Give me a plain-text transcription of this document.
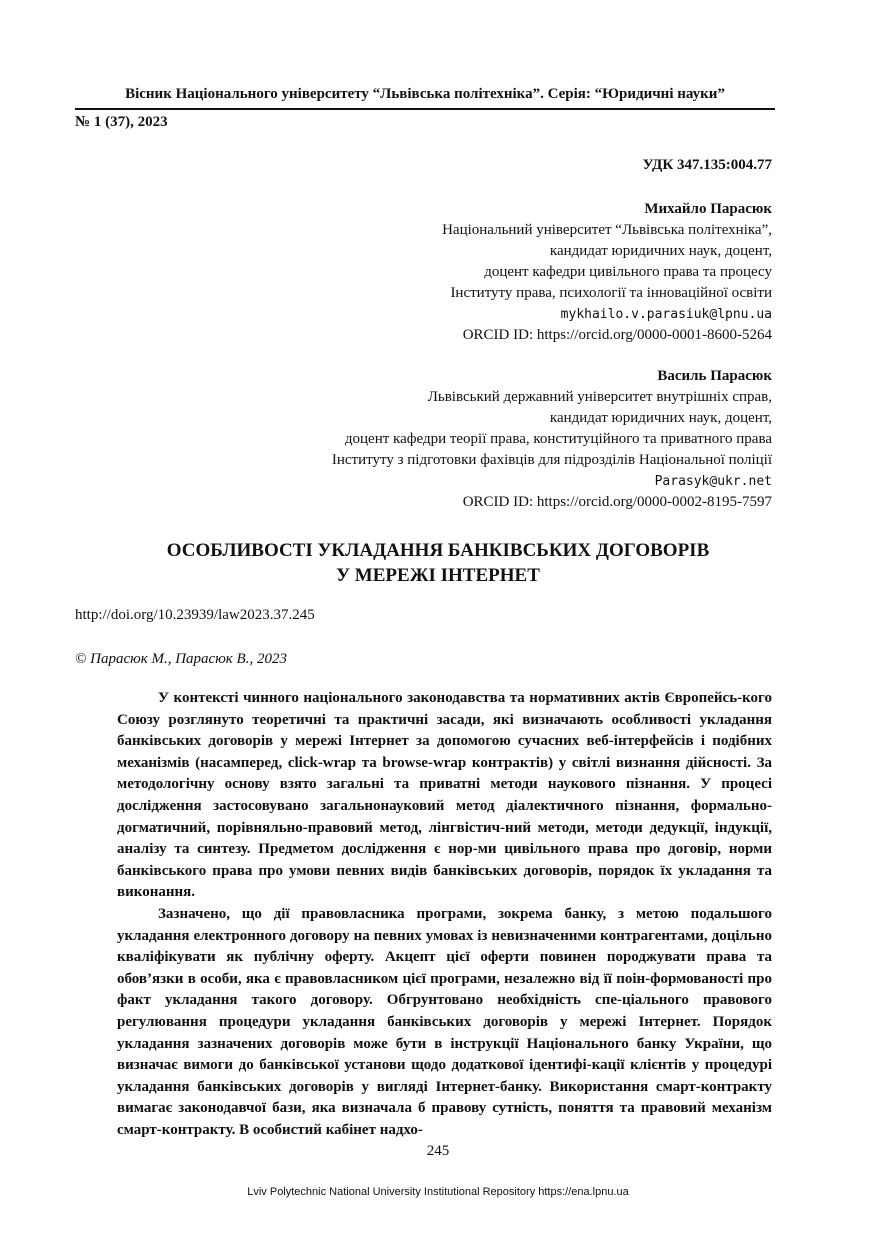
Вісник Національного університету “Львівська політехніка”. Серія: “Юридичні науки”
№ 1 (37), 2023
УДК 347.135:004.77
Михайло Парасюк
Національний університет “Львівська політехніка”,
кандидат юридичних наук, доцент,
доцент кафедри цивільного права та процесу
Інституту права, психології та інноваційної освіти
mykhailo.v.parasiuk@lpnu.ua
ORCID ID: https://orcid.org/0000-0001-8600-5264
Василь Парасюк
Львівський державний університет внутрішніх справ,
кандидат юридичних наук, доцент,
доцент кафедри теорії права, конституційного та приватного права
Інституту з підготовки фахівців для підрозділів Національної поліції
Parasyk@ukr.net
ORCID ID: https://orcid.org/0000-0002-8195-7597
ОСОБЛИВОСТІ УКЛАДАННЯ БАНКІВСЬКИХ ДОГОВОРІВ
У МЕРЕЖІ ІНТЕРНЕТ
http://doi.org/10.23939/law2023.37.245
© Парасюк М., Парасюк В., 2023

У контексті чинного національного законодавства та нормативних актів Європейсь-кого Союзу розглянуто теоретичні та практичні засади, які визначають особливості укладання банківських договорів у мережі Інтернет за допомогою сучасних веб-інтерфейсів і подібних механізмів (насамперед, click-wrap та browse-wrap контрактів) у світлі визнання дійсності. За методологічну основу взято загальні та приватні методи наукового пізнання. У процесі дослідження застосовувано загальнонауковий метод діалектичного пізнання, формально-догматичний, порівняльно-правовий метод, лінгвістич-ний методи, методи дедукції, індукції, аналізу та синтезу. Предметом дослідження є нор-ми цивільного права про договір, норми банківського права про умови певних видів банківських договорів, порядок їх укладання та виконання.

Зазначено, що дії правовласника програми, зокрема банку, з метою подальшого укладання електронного договору на певних умовах із невизначеними контрагентами, доцільно кваліфікувати як публічну оферту. Акцепт цієї оферти повинен породжувати права та обов’язки в особи, яка є правовласником цієї програми, незалежно від її поін-формованості про факт укладання такого договору. Обгрунтовано необхідність спе-ціального правового регулювання процедури укладання банківських договорів у мережі Інтернет. Порядок укладання зазначених договорів може бути в інструкції Національного банку України, що визначає вимоги до банківської установи щодо додаткової ідентифі-кації клієнтів у процедурі укладання банківських договорів у вигляді Інтернет-банку. Використання смарт-контракту вимагає законодавчої бази, яка визначала б правову сутність, поняття та правовий механізм смарт-контракту. В особистий кабінет надхо-

245
Lviv Polytechnic National University Institutional Repository https://ena.lpnu.ua
